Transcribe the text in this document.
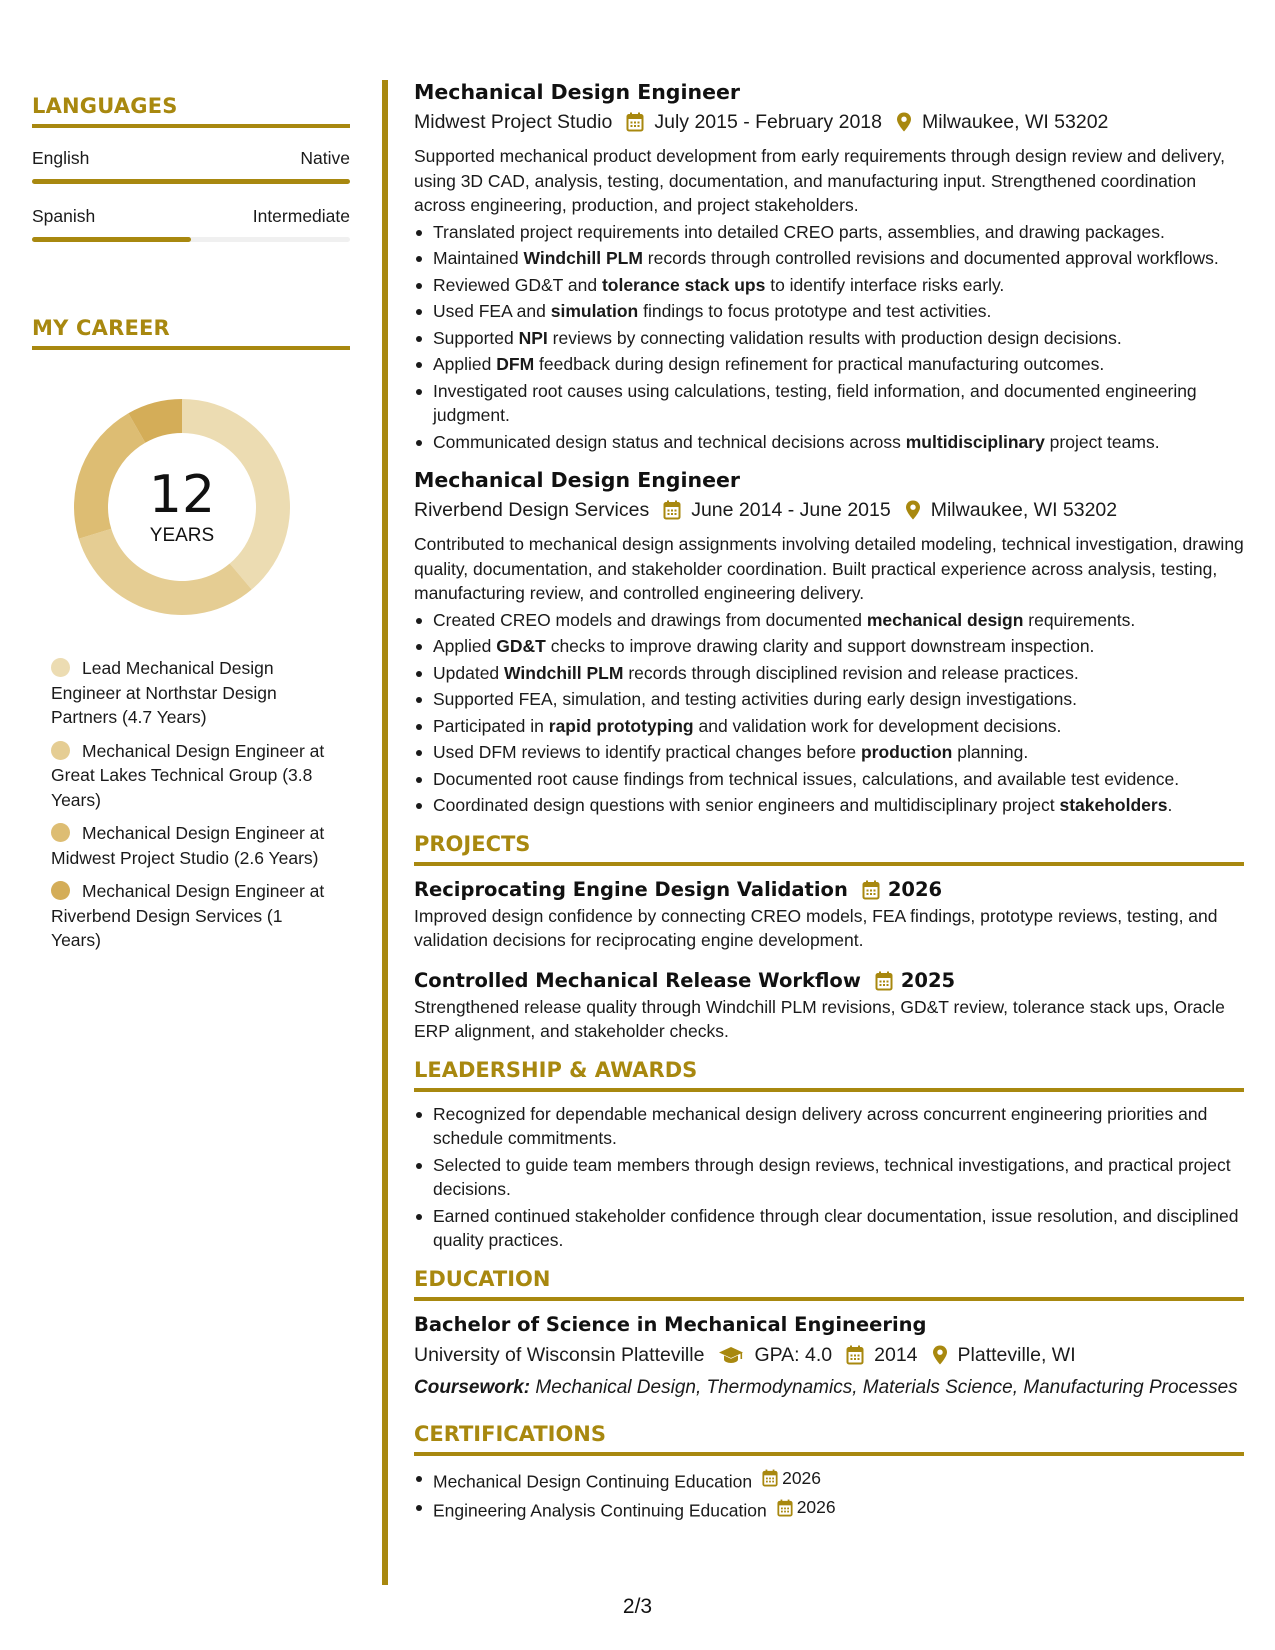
LANGUAGES
English	Native
Spanish	Intermediate
MY CAREER
12
YEARS
Lead Mechanical Design Engineer at Northstar Design Partners (4.7 Years)
Mechanical Design Engineer at Great Lakes Technical Group (3.8 Years)
Mechanical Design Engineer at Midwest Project Studio (2.6 Years)
Mechanical Design Engineer at Riverbend Design Services (1 Years)
Mechanical Design Engineer
Midwest Project Studio July 2015 - February 2018 Milwaukee, WI 53202
Supported mechanical product development from early requirements through design review and delivery, using 3D CAD, analysis, testing, documentation, and manufacturing input. Strengthened coordination across engineering, production, and project stakeholders.
Translated project requirements into detailed CREO parts, assemblies, and drawing packages.
Maintained Windchill PLM records through controlled revisions and documented approval workflows.
Reviewed GD&T and tolerance stack ups to identify interface risks early.
Used FEA and simulation findings to focus prototype and test activities.
Supported NPI reviews by connecting validation results with production design decisions.
Applied DFM feedback during design refinement for practical manufacturing outcomes.
Investigated root causes using calculations, testing, field information, and documented engineering judgment.
Communicated design status and technical decisions across multidisciplinary project teams.
Mechanical Design Engineer
Riverbend Design Services June 2014 - June 2015 Milwaukee, WI 53202
Contributed to mechanical design assignments involving detailed modeling, technical investigation, drawing quality, documentation, and stakeholder coordination. Built practical experience across analysis, testing, manufacturing review, and controlled engineering delivery.
Created CREO models and drawings from documented mechanical design requirements.
Applied GD&T checks to improve drawing clarity and support downstream inspection.
Updated Windchill PLM records through disciplined revision and release practices.
Supported FEA, simulation, and testing activities during early design investigations.
Participated in rapid prototyping and validation work for development decisions.
Used DFM reviews to identify practical changes before production planning.
Documented root cause findings from technical issues, calculations, and available test evidence.
Coordinated design questions with senior engineers and multidisciplinary project stakeholders.
PROJECTS
Reciprocating Engine Design Validation 2026
Improved design confidence by connecting CREO models, FEA findings, prototype reviews, testing, and validation decisions for reciprocating engine development.
Controlled Mechanical Release Workflow 2025
Strengthened release quality through Windchill PLM revisions, GD&T review, tolerance stack ups, Oracle ERP alignment, and stakeholder checks.
LEADERSHIP & AWARDS
Recognized for dependable mechanical design delivery across concurrent engineering priorities and schedule commitments.
Selected to guide team members through design reviews, technical investigations, and practical project decisions.
Earned continued stakeholder confidence through clear documentation, issue resolution, and disciplined quality practices.
EDUCATION
Bachelor of Science in Mechanical Engineering
University of Wisconsin Platteville	GPA: 4.0 2014 Platteville, WI
Coursework: Mechanical Design, Thermodynamics, Materials Science, Manufacturing Processes
CERTIFICATIONS
Mechanical Design Continuing Education 2026
Engineering Analysis Continuing Education 2026
2/3
